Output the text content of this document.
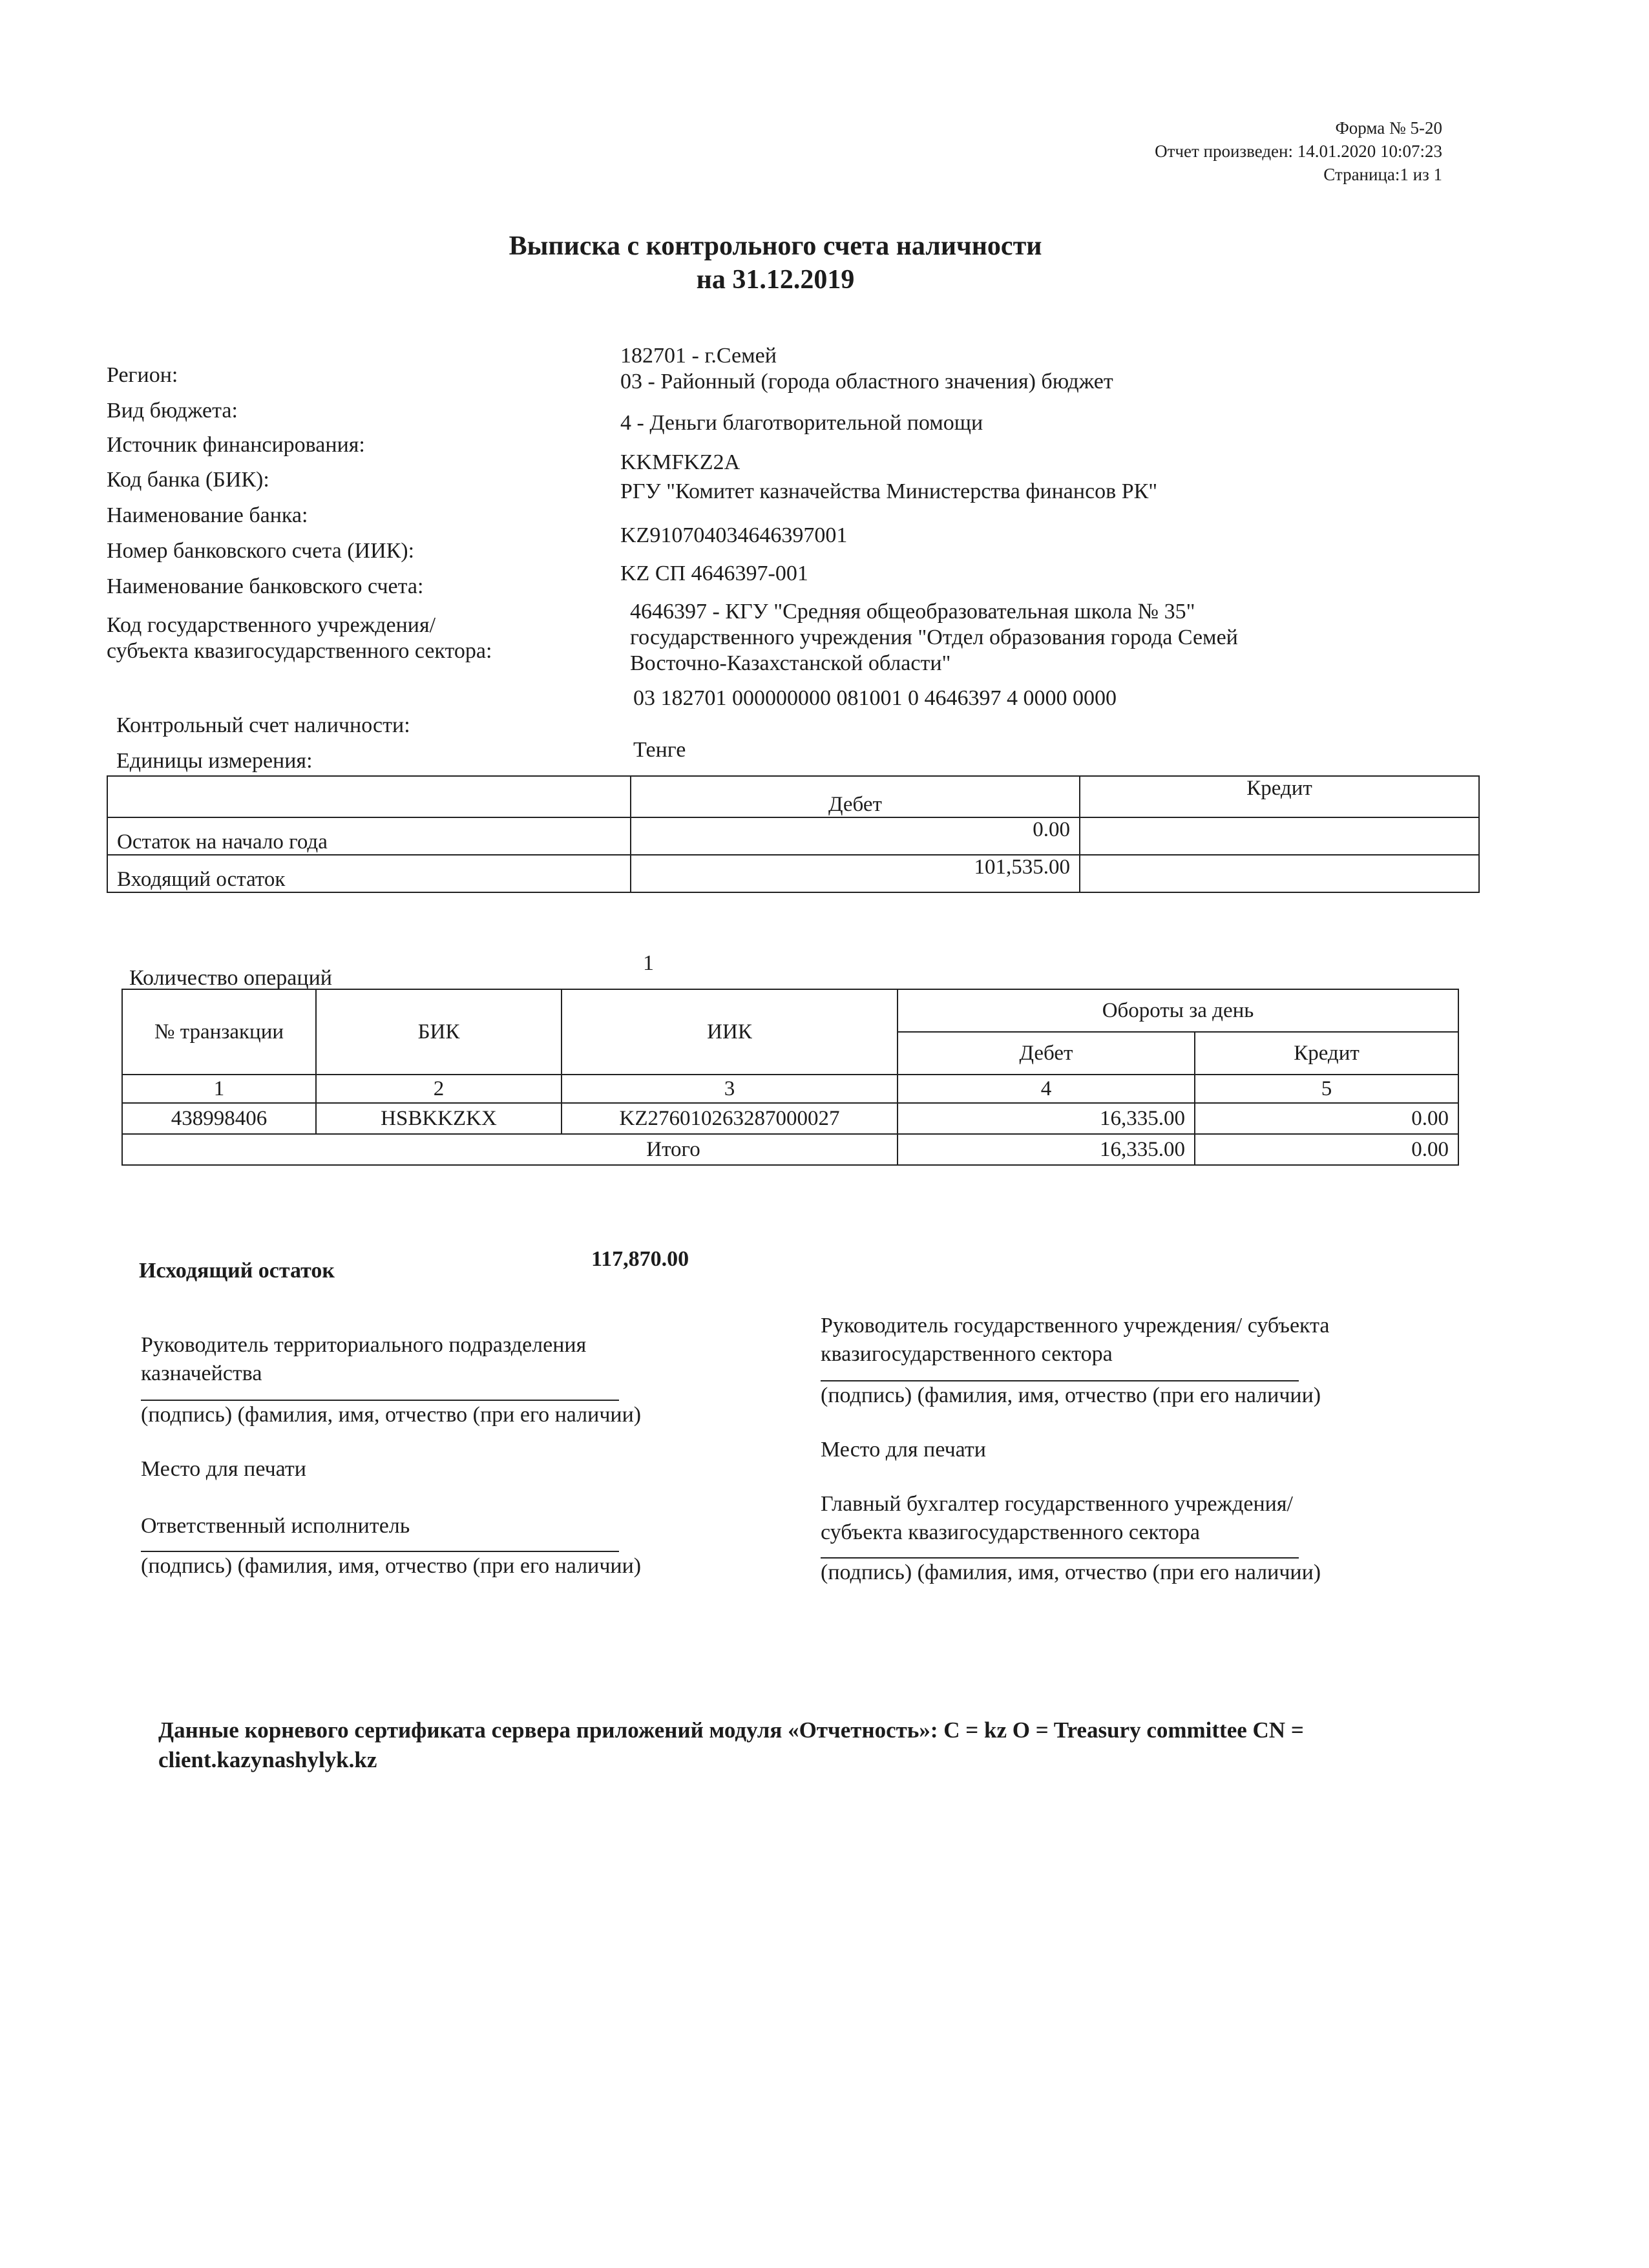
Форма № 5-20
Отчет произведен: 14.01.2020 10:07:23
Страница:1 из 1
Выписка с контрольного счета наличности
на 31.12.2019
Регион:
182701 - г.Семей
Вид бюджета:
03 - Районный (города областного значения) бюджет
Источник финансирования:
4 - Деньги благотворительной помощи
Код банка (БИК):
KKMFKZ2A
Наименование банка:
РГУ "Комитет казначейства Министерства финансов РК"
Номер банковского счета (ИИК):
KZ910704034646397001
Наименование банковского счета:
KZ СП 4646397-001
Код государственного учреждения/
субъекта квазигосударственного сектора:
4646397 - КГУ "Средняя общеобразовательная школа № 35"
государственного учреждения "Отдел образования города Семей
Восточно-Казахстанской области"
Контрольный счет наличности:
03 182701 000000000 081001 0 4646397 4 0000 0000
Единицы измерения:	Тенге
	Дебет	Кредит
Остаток на начало года	0.00	
Входящий остаток	101,535.00	
Количество операций
1
№ транзакции	БИК	ИИК	Обороты за день	
			Дебет	Кредит
1	2	3	4	5
438998406	HSBKKZKX	KZ276010263287000027	16,335.00	0.00
Итого			16,335.00	0.00
Исходящий остаток	117,870.00
Руководитель территориального подразделения
казначейства
(подпись) (фамилия, имя, отчество (при его наличии)
Место для печати
Ответственный исполнитель
(подпись) (фамилия, имя, отчество (при его наличии)
Руководитель государственного учреждения/ субъекта
квазигосударственного сектора
(подпись) (фамилия, имя, отчество (при его наличии)
Место для печати
Главный бухгалтер государственного учреждения/
субъекта квазигосударственного сектора
(подпись) (фамилия, имя, отчество (при его наличии)
Данные корневого сертификата сервера приложений модуля «Отчетность»: C = kz O = Treasury committee CN = client.kazynashylyk.kz
